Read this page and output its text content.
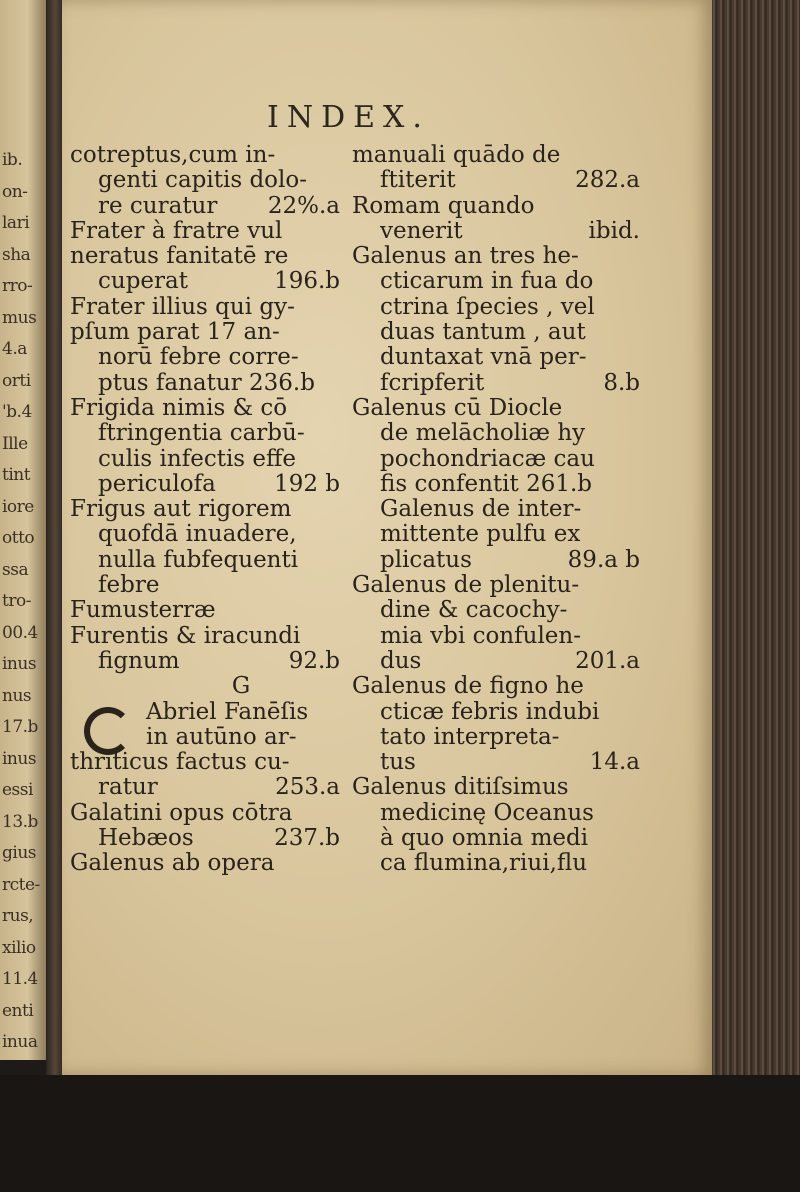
ib.
on-
lari
sha
rro-
mus
4.a
orti
'b.4
Ille
tint
iore
otto
ssa
tro-
00.4
inus
nus
17.b
inus
essi
13.b
gius
rcte-
rus,
xilio
11.4
enti
inua
INDEX.
cotreptus,cum in-
genti capitis dolo-
re curatur 22%.a
Frater à fratre vul
neratus fanitatē re
cuperat	196.b
Frater illius qui gy-
pſum parat 17 an-
norū febre corre-
ptus fanatur 236.b
Frigida nimis & cō
ftringentia carbū-
culis infectis effe
periculofa	192 b
Frigus aut rigorem
quofdā inuadere,
nulla fubfequenti
febre
Fumusterræ
Furentis & iracundi
fignum	92.b
G
Abriel Fanēſis
in autūno ar-
thriticus factus cu-
ratur	253.a
Galatini opus cōtra
Hebæos	237.b
Galenus ab opera
manuali quādo de
ftiterit	282.a
Romam quando
venerit	ibid.
Galenus an tres he-
cticarum in fua do
ctrina ſpecies , vel
duas tantum , aut
duntaxat vnā per-
fcripferit	8.b
Galenus cū Diocle
de melācholiæ hy
pochondriacæ cau
fis confentit 261.b
Galenus de inter-
mittente pulfu ex
plicatus	89.a b
Galenus de plenitu-
dine & cacochy-
mia vbi confulen-
dus	201.a
Galenus de figno he
cticæ febris indubi
tato interpreta-
tus	14.a
Galenus ditiſsimus
medicinę Oceanus
à quo omnia medi
ca flumina,riui,flu
